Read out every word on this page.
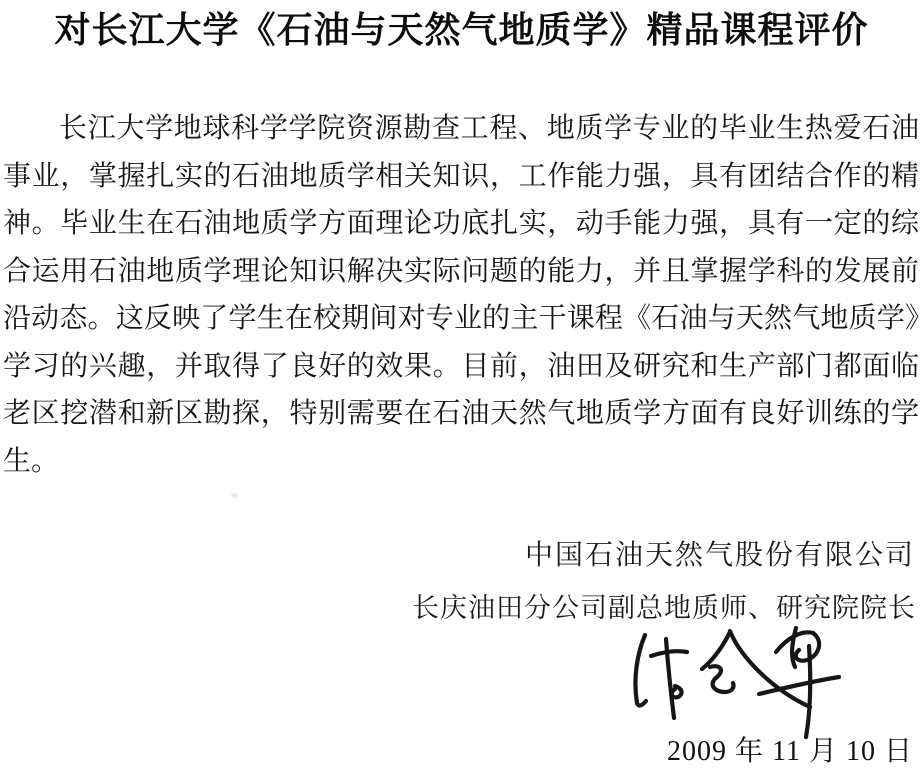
对长江大学《石油与天然气地质学》精品课程评价

长江大学地球科学学院资源勘查工程、地质学专业的毕业生热爱石油事业，掌握扎实的石油地质学相关知识，工作能力强，具有团结合作的精神。毕业生在石油地质学方面理论功底扎实，动手能力强，具有一定的综合运用石油地质学理论知识解决实际问题的能力，并且掌握学科的发展前沿动态。这反映了学生在校期间对专业的主干课程《石油与天然气地质学》学习的兴趣，并取得了良好的效果。目前，油田及研究和生产部门都面临老区挖潜和新区勘探，特别需要在石油天然气地质学方面有良好训练的学生。

中国石油天然气股份有限公司
长庆油田分公司副总地质师、研究院院长
2009 年 11 月 10 日
